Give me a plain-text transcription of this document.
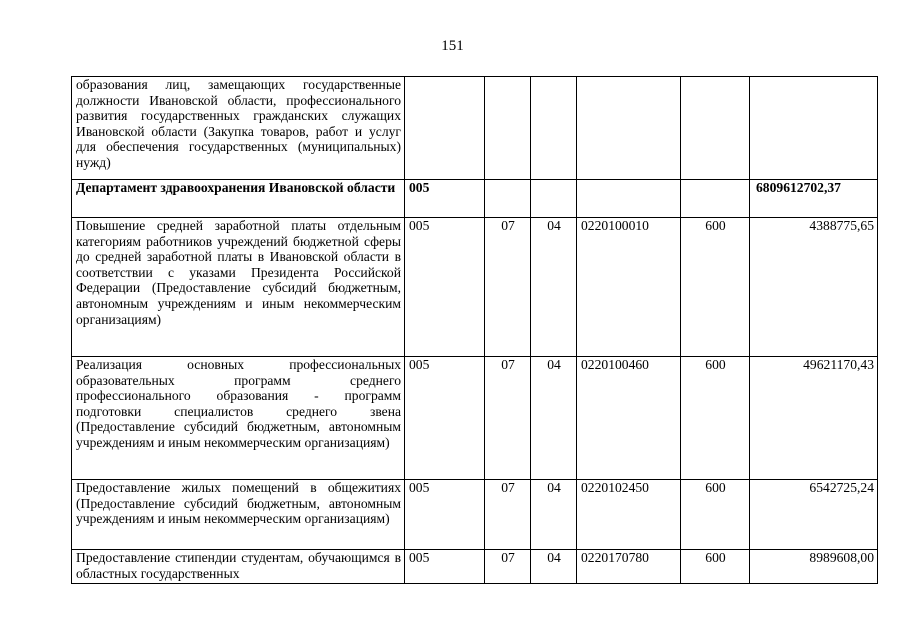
151
образования лиц, замещающих государственные должности Ивановской области, профессионального развития государственных гражданских служащих Ивановской области (Закупка товаров, работ и услуг для обеспечения государственных (муниципальных) нужд)						
Департамент здравоохранения Ивановской области	005					6809612702,37
Повышение средней заработной платы отдельным категориям работников учреждений бюджетной сферы до средней заработной платы в Ивановской области в соответствии с указами Президента Российской Федерации (Предоставление субсидий бюджетным, автономным учреждениям и иным некоммерческим организациям)	005	07	04	0220100010	600	4388775,65
Реализация основных профессиональных образовательных программ среднего профессионального образования - программ подготовки специалистов среднего звена (Предоставление субсидий бюджетным, автономным учреждениям и иным некоммерческим организациям)	005	07	04	0220100460	600	49621170,43
Предоставление жилых помещений в общежитиях (Предоставление субсидий бюджетным, автономным учреждениям и иным некоммерческим организациям)	005	07	04	0220102450	600	6542725,24
Предоставление стипендии студентам, обучающимся в областных государственных	005	07	04	0220170780	600	8989608,00
